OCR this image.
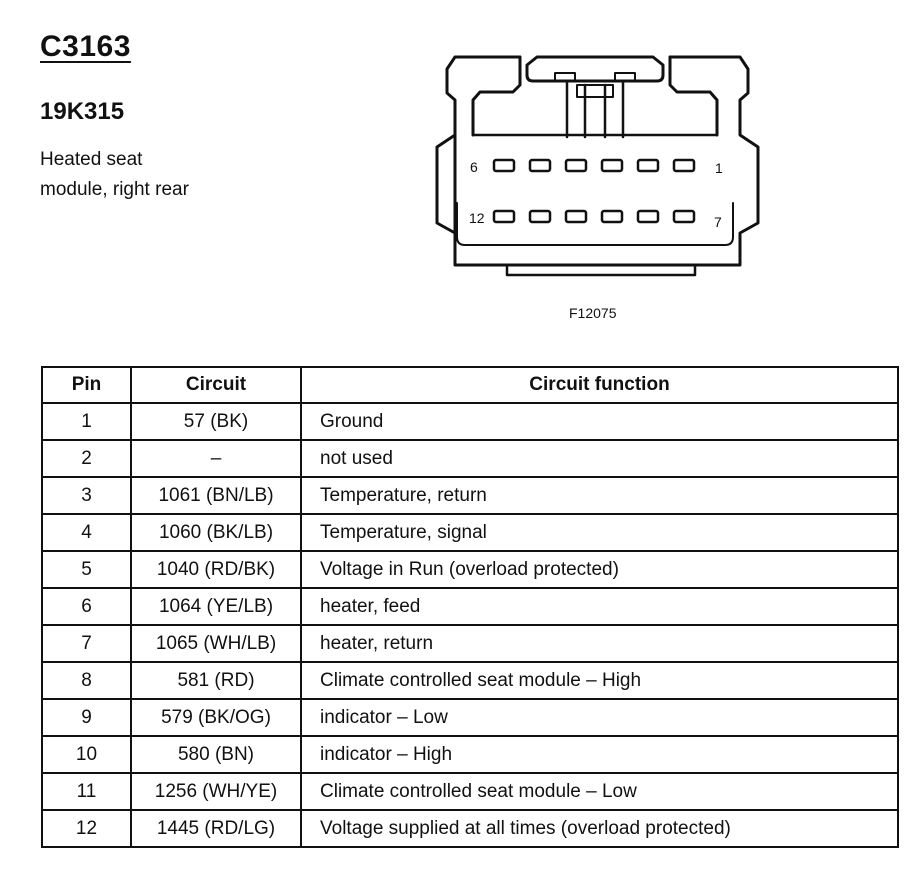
C3163
19K315
Heated seat module, right rear
6	1
12	7
F12075
Pin	Circuit	Circuit function
1	57 (BK)	Ground
2	–	not used
3	1061 (BN/LB)	Temperature, return
4	1060 (BK/LB)	Temperature, signal
5	1040 (RD/BK)	Voltage in Run (overload protected)
6	1064 (YE/LB)	heater, feed
7	1065 (WH/LB)	heater, return
8	581 (RD)	Climate controlled seat module – High
9	579 (BK/OG)	indicator – Low
10	580 (BN)	indicator – High
11	1256 (WH/YE)	Climate controlled seat module – Low
12	1445 (RD/LG)	Voltage supplied at all times (overload protected)
